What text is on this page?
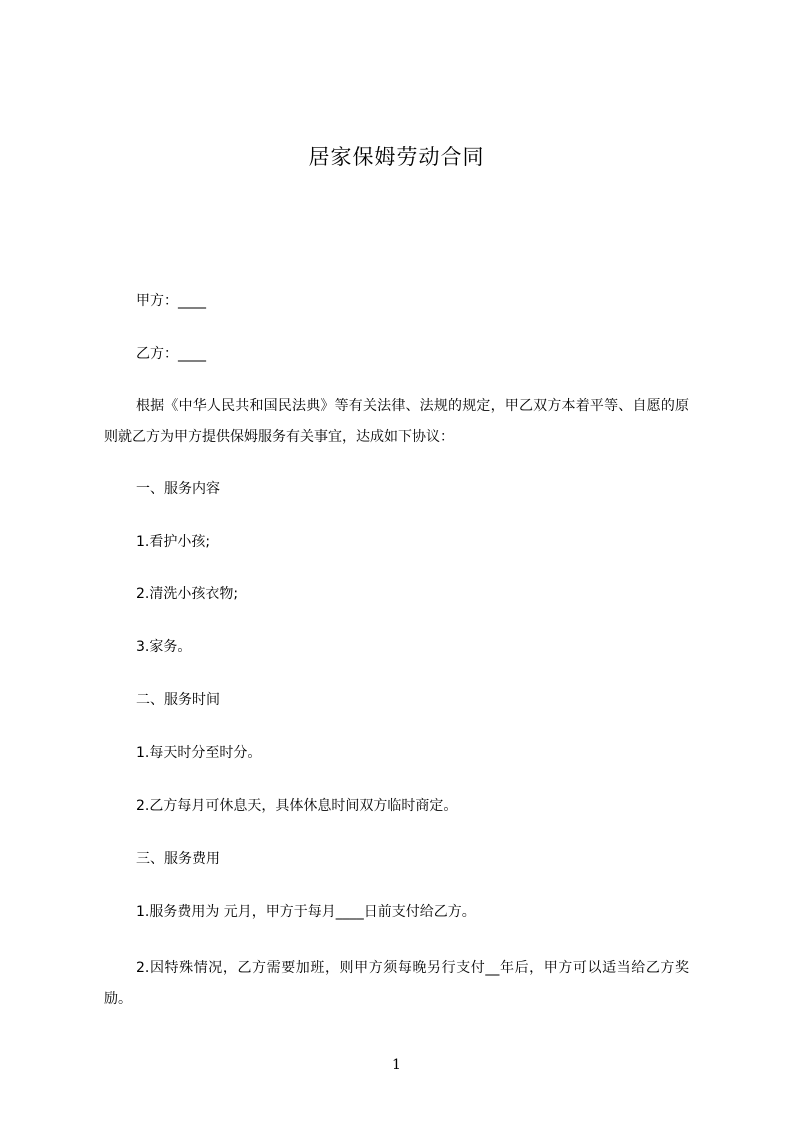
居家保姆劳动合同
甲方：____
乙方：____
根据《中华人民共和国民法典》等有关法律、法规的规定，甲乙双方本着平等、自愿的原则就乙方为甲方提供保姆服务有关事宜，达成如下协议：
一、服务内容
1.看护小孩;
2.清洗小孩衣物;
3.家务。
二、服务时间
1.每天时分至时分。
2.乙方每月可休息天，具体休息时间双方临时商定。
三、服务费用
1.服务费用为 元月，甲方于每月____日前支付给乙方。
2.因特殊情况，乙方需要加班，则甲方须每晚另行支付__年后，甲方可以适当给乙方奖励。
1
